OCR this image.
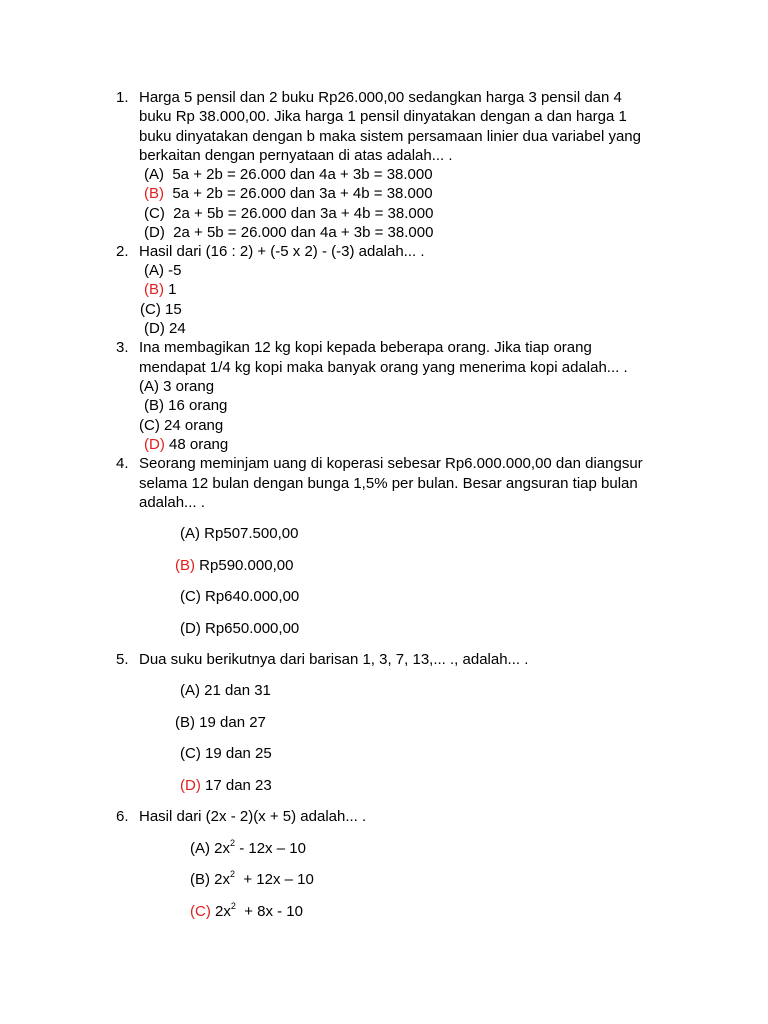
1. Harga 5 pensil dan 2 buku Rp26.000,00 sedangkan harga 3 pensil dan 4
buku Rp 38.000,00. Jika harga 1 pensil dinyatakan dengan a dan harga 1
buku dinyatakan dengan b maka sistem persamaan linier dua variabel yang
berkaitan dengan pernyataan di atas adalah... .
(A) 5a + 2b = 26.000 dan 4a + 3b = 38.000
(B) 5a + 2b = 26.000 dan 3a + 4b = 38.000
(C) 2a + 5b = 26.000 dan 3a + 4b = 38.000
(D) 2a + 5b = 26.000 dan 4a + 3b = 38.000
2. Hasil dari (16 : 2) + (-5 x 2) - (-3) adalah... .
(A) -5
(B) 1
(C) 15
(D) 24
3. Ina membagikan 12 kg kopi kepada beberapa orang. Jika tiap orang
mendapat 1/4 kg kopi maka banyak orang yang menerima kopi adalah... .
(A) 3 orang
(B) 16 orang
(C) 24 orang
(D) 48 orang
4. Seorang meminjam uang di koperasi sebesar Rp6.000.000,00 dan diangsur
selama 12 bulan dengan bunga 1,5% per bulan. Besar angsuran tiap bulan
adalah... .
(A) Rp507.500,00
(B) Rp590.000,00
(C) Rp640.000,00
(D) Rp650.000,00
5. Dua suku berikutnya dari barisan 1, 3, 7, 13,... ., adalah... .
(A) 21 dan 31
(B) 19 dan 27
(C) 19 dan 25
(D) 17 dan 23
6. Hasil dari (2x - 2)(x + 5) adalah... .
(A) $2x^2 - 12x - 10$
(B) $2x^2 + 12x - 10$
(C) $2x^2 + 8x - 10$
